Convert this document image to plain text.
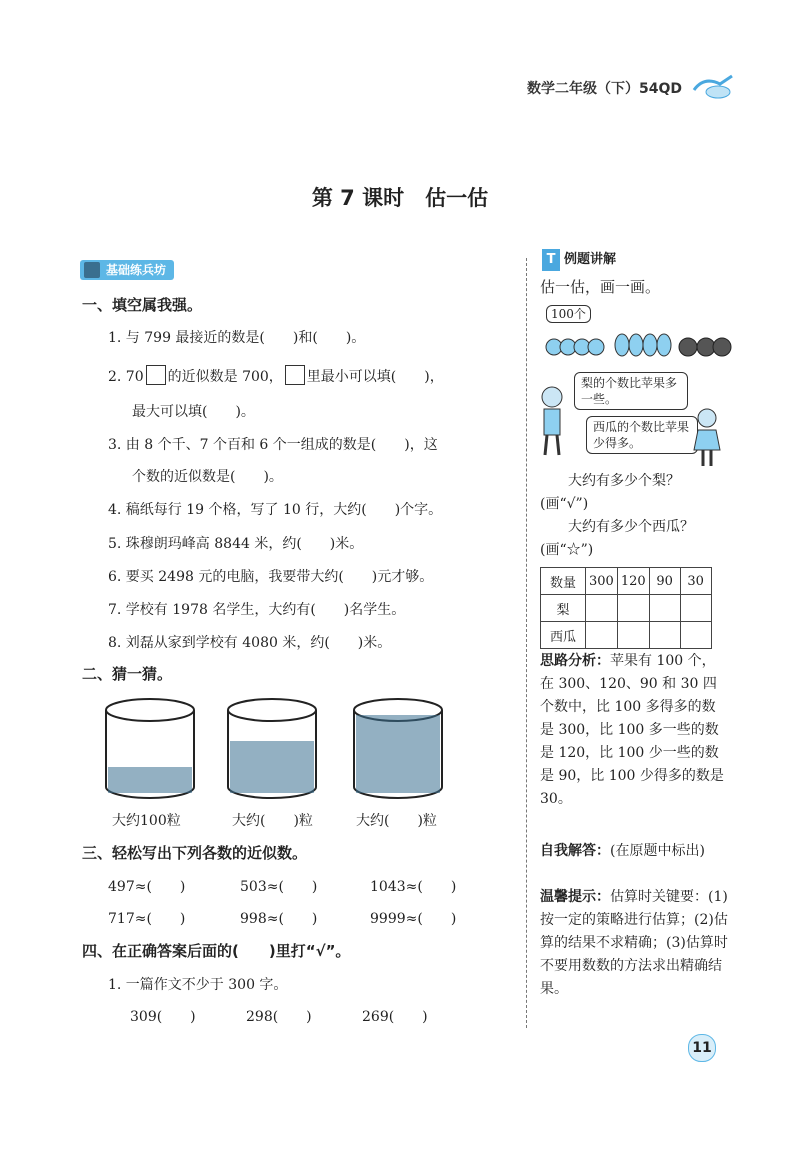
数学二年级（下）54QD
第 7 课时　估一估
基础练兵坊
一、填空属我强。
1. 与 799 最接近的数是(　　)和(　　)。
2. 70 的近似数是 700， 里最小可以填(　　)，
最大可以填(　　)。
3. 由 8 个千、7 个百和 6 个一组成的数是(　　)，这
个数的近似数是(　　)。
4. 稿纸每行 19 个格，写了 10 行，大约(　　)个字。
5. 珠穆朗玛峰高 8844 米，约(　　)米。
6. 要买 2498 元的电脑，我要带大约(　　)元才够。
7. 学校有 1978 名学生，大约有(　　)名学生。
8. 刘磊从家到学校有 4080 米，约(　　)米。
二、猜一猜。
大约100粒	大约(　　)粒	大约(　　)粒
三、轻松写出下列各数的近似数。
497≈(　　)	503≈(　　)	1043≈(　　)
717≈(　　)	998≈(　　)	9999≈(　　)
四、在正确答案后面的(　　)里打“√”。
1. 一篇作文不少于 300 字。
309(　　)	298(　　)	269(　　)
T 例题讲解
估一估，画一画。
100个
梨的个数比苹果多一些。
西瓜的个数比苹果少得多。
大约有多少个梨？(画“√”)
大约有多少个西瓜？(画“☆”)
数量	300	120	90	30
梨				
西瓜				
思路分析：苹果有 100 个，在 300、120、90 和 30 四个数中，比 100 多得多的数是 300，比 100 多一些的数是 120，比 100 少一些的数是 90，比 100 少得多的数是 30。
自我解答：(在原题中标出)
温馨提示：估算时关键要：(1)按一定的策略进行估算；(2)估算的结果不求精确；(3)估算时不要用数数的方法求出精确结果。
11
